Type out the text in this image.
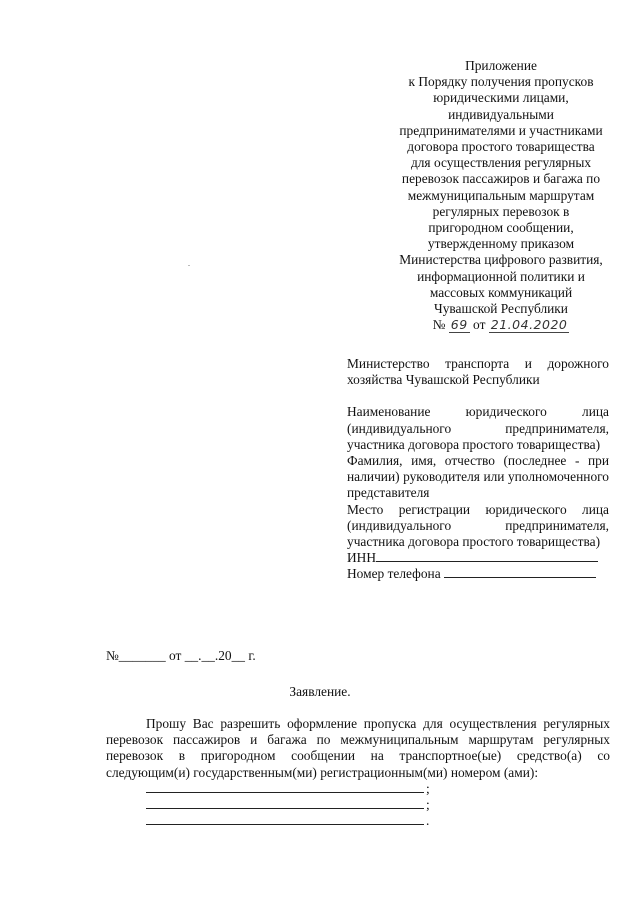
Приложение
к Порядку получения пропусков
юридическими лицами,
индивидуальными
предпринимателями и участниками
договора простого товарищества
для осуществления регулярных
перевозок пассажиров и багажа по
межмуниципальным маршрутам
регулярных перевозок в
пригородном сообщении,
утвержденному приказом
Министерства цифрового развития,
информационной политики и
массовых коммуникаций
Чувашской Республики
№ 69 от 21.04.2020
Министерство транспорта и дорожного хозяйства Чувашской Республики
Наименование юридического лица (индивидуального предпринимателя, участника договора простого товарищества)
Фамилия, имя, отчество (последнее - при наличии) руководителя или уполномоченного представителя
Место регистрации юридического лица (индивидуального предпринимателя, участника договора простого товарищества)
ИНН
Номер телефона
№_______ от __.__.20__ г.
Заявление.
Прошу Вас разрешить оформление пропуска для осуществления регулярных перевозок пассажиров и багажа по межмуниципальным маршрутам регулярных перевозок в пригородном сообщении на транспортное(ые) средство(а) со следующим(и) государственным(ми) регистрационным(ми) номером (ами):
;
;
.
